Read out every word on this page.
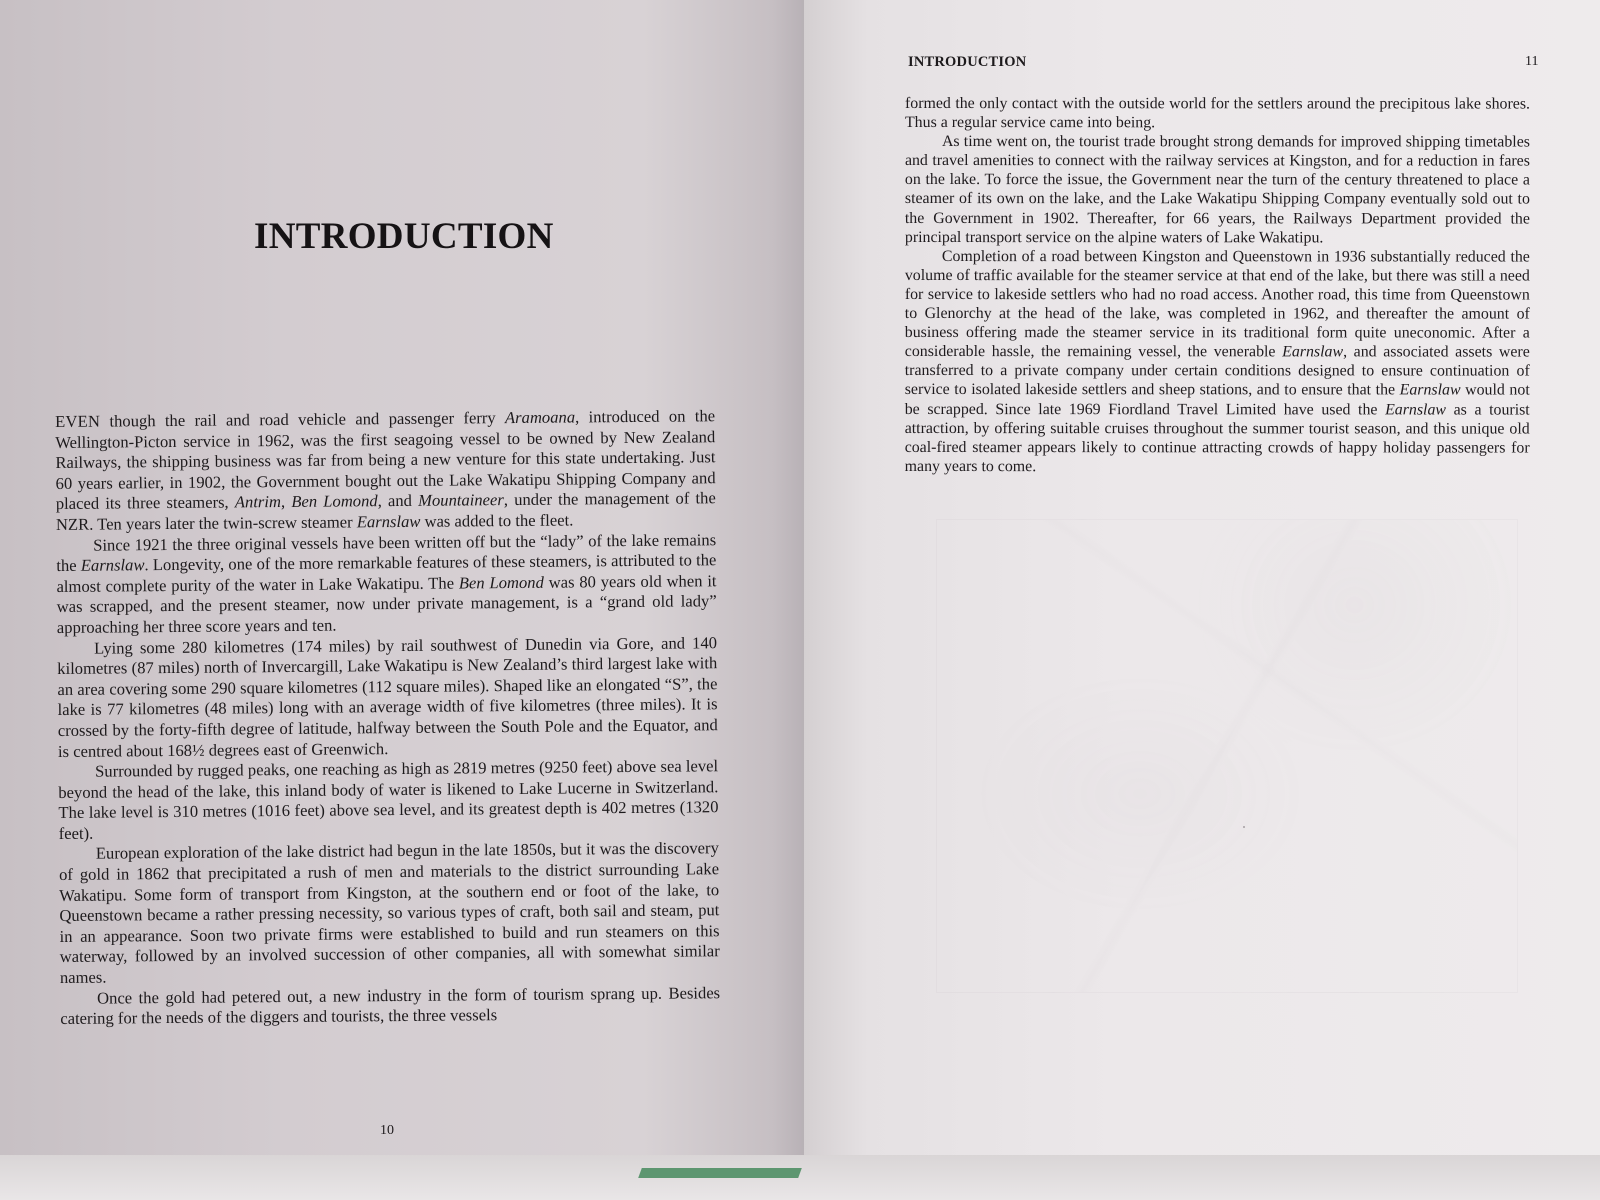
INTRODUCTION

EVEN though the rail and road vehicle and passenger ferry Aramoana, introduced on the Wellington-Picton service in 1962, was the first seagoing vessel to be owned by New Zealand Railways, the shipping business was far from being a new venture for this state undertaking. Just 60 years earlier, in 1902, the Government bought out the Lake Wakatipu Shipping Company and placed its three steamers, Antrim, Ben Lomond, and Mountaineer, under the management of the NZR. Ten years later the twin-screw steamer Earnslaw was added to the fleet.

Since 1921 the three original vessels have been written off but the “lady” of the lake remains the Earnslaw. Longevity, one of the more remarkable features of these steamers, is attributed to the almost complete purity of the water in Lake Wakatipu. The Ben Lomond was 80 years old when it was scrapped, and the present steamer, now under private management, is a “grand old lady” approaching her three score years and ten.

Lying some 280 kilometres (174 miles) by rail southwest of Dunedin via Gore, and 140 kilometres (87 miles) north of Invercargill, Lake Wakatipu is New Zealand’s third largest lake with an area covering some 290 square kilometres (112 square miles). Shaped like an elongated “S”, the lake is 77 kilometres (48 miles) long with an average width of five kilometres (three miles). It is crossed by the forty-fifth degree of latitude, halfway between the South Pole and the Equator, and is centred about 168½ degrees east of Greenwich.

Surrounded by rugged peaks, one reaching as high as 2819 metres (9250 feet) above sea level beyond the head of the lake, this inland body of water is likened to Lake Lucerne in Switzerland. The lake level is 310 metres (1016 feet) above sea level, and its greatest depth is 402 metres (1320 feet).

European exploration of the lake district had begun in the late 1850s, but it was the discovery of gold in 1862 that precipitated a rush of men and materials to the district surrounding Lake Wakatipu. Some form of transport from Kingston, at the southern end or foot of the lake, to Queenstown became a rather pressing necessity, so various types of craft, both sail and steam, put in an appearance. Soon two private firms were established to build and run steamers on this waterway, followed by an involved succession of other companies, all with somewhat similar names.

Once the gold had petered out, a new industry in the form of tourism sprang up. Besides catering for the needs of the diggers and tourists, the three vessels

10
INTRODUCTION	11

formed the only contact with the outside world for the settlers around the precipitous lake shores. Thus a regular service came into being.

As time went on, the tourist trade brought strong demands for improved shipping timetables and travel amenities to connect with the railway services at Kingston, and for a reduction in fares on the lake. To force the issue, the Government near the turn of the century threatened to place a steamer of its own on the lake, and the Lake Wakatipu Shipping Company eventually sold out to the Government in 1902. Thereafter, for 66 years, the Railways Department provided the principal transport service on the alpine waters of Lake Wakatipu.

Completion of a road between Kingston and Queenstown in 1936 substantially reduced the volume of traffic available for the steamer service at that end of the lake, but there was still a need for service to lakeside settlers who had no road access. Another road, this time from Queenstown to Glenorchy at the head of the lake, was completed in 1962, and thereafter the amount of business offering made the steamer service in its traditional form quite uneconomic. After a considerable hassle, the remaining vessel, the venerable Earnslaw, and associated assets were transferred to a private company under certain conditions designed to ensure continuation of service to isolated lakeside settlers and sheep stations, and to ensure that the Earnslaw would not be scrapped. Since late 1969 Fiordland Travel Limited have used the Earnslaw as a tourist attraction, by offering suitable cruises throughout the summer tourist season, and this unique old coal-fired steamer appears likely to continue attracting crowds of happy holiday passengers for many years to come.
